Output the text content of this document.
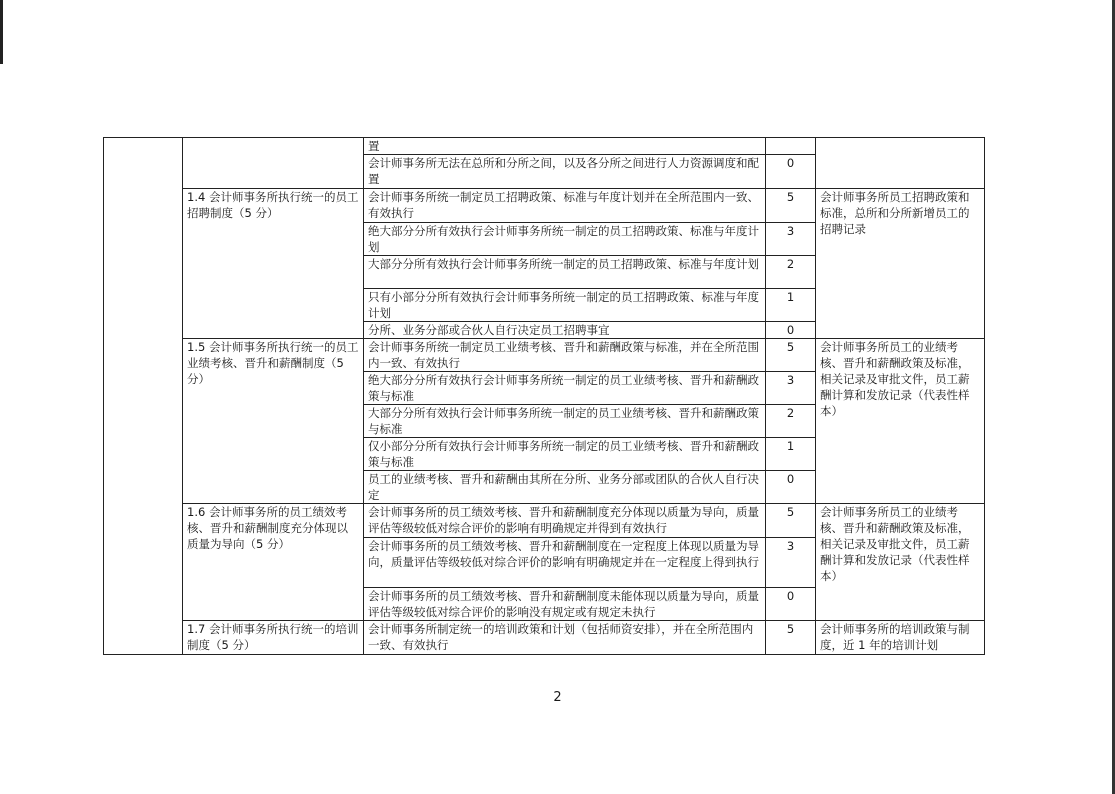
		置		
		会计师事务所无法在总所和分所之间，以及各分所之间进行人力资源调度和配置	0	
	1.4 会计师事务所执行统一的员工招聘制度（5 分）	会计师事务所统一制定员工招聘政策、标准与年度计划并在全所范围内一致、有效执行	5	会计师事务所员工招聘政策和标准，总所和分所新增员工的招聘记录
		绝大部分分所有效执行会计师事务所统一制定的员工招聘政策、标准与年度计划	3	
		大部分分所有效执行会计师事务所统一制定的员工招聘政策、标准与年度计划	2	
		只有小部分分所有效执行会计师事务所统一制定的员工招聘政策、标准与年度计划	1	
		分所、业务分部或合伙人自行决定员工招聘事宜	0	
	1.5 会计师事务所执行统一的员工业绩考核、晋升和薪酬制度（5 分）	会计师事务所统一制定员工业绩考核、晋升和薪酬政策与标准，并在全所范围内一致、有效执行	5	会计师事务所员工的业绩考核、晋升和薪酬政策及标准，相关记录及审批文件，员工薪酬计算和发放记录（代表性样本）
		绝大部分分所有效执行会计师事务所统一制定的员工业绩考核、晋升和薪酬政策与标准	3	
		大部分分所有效执行会计师事务所统一制定的员工业绩考核、晋升和薪酬政策与标准	2	
		仅小部分分所有效执行会计师事务所统一制定的员工业绩考核、晋升和薪酬政策与标准	1	
		员工的业绩考核、晋升和薪酬由其所在分所、业务分部或团队的合伙人自行决定	0	
	1.6 会计师事务所的员工绩效考核、晋升和薪酬制度充分体现以质量为导向（5 分）	会计师事务所的员工绩效考核、晋升和薪酬制度充分体现以质量为导向，质量评估等级较低对综合评价的影响有明确规定并得到有效执行	5	会计师事务所员工的业绩考核、晋升和薪酬政策及标准，相关记录及审批文件，员工薪酬计算和发放记录（代表性样本）
		会计师事务所的员工绩效考核、晋升和薪酬制度在一定程度上体现以质量为导向，质量评估等级较低对综合评价的影响有明确规定并在一定程度上得到执行	3	
		会计师事务所的员工绩效考核、晋升和薪酬制度未能体现以质量为导向，质量评估等级较低对综合评价的影响没有规定或有规定未执行	0	
	1.7 会计师事务所执行统一的培训制度（5 分）	会计师事务所制定统一的培训政策和计划（包括师资安排），并在全所范围内一致、有效执行	5	会计师事务所的培训政策与制度，近 1 年的培训计划
2
